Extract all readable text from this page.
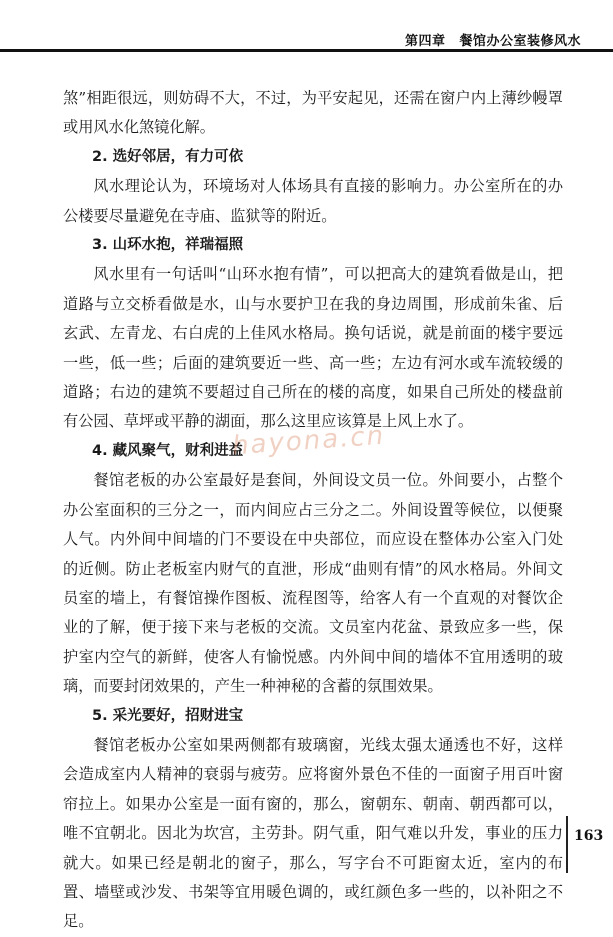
第四章 餐馆办公室装修风水

煞”相距很远，则妨碍不大，不过，为平安起见，还需在窗户内上薄纱幔罩或用风水化煞镜化解。

2. 选好邻居，有力可依

风水理论认为，环境场对人体场具有直接的影响力。办公室所在的办公楼要尽量避免在寺庙、监狱等的附近。

3. 山环水抱，祥瑞福照

风水里有一句话叫“山环水抱有情”，可以把高大的建筑看做是山，把道路与立交桥看做是水，山与水要护卫在我的身边周围，形成前朱雀、后玄武、左青龙、右白虎的上佳风水格局。换句话说，就是前面的楼宇要远一些，低一些；后面的建筑要近一些、高一些；左边有河水或车流较缓的道路；右边的建筑不要超过自己所在的楼的高度，如果自己所处的楼盘前有公园、草坪或平静的湖面，那么这里应该算是上风上水了。

4. 藏风聚气，财利进益

餐馆老板的办公室最好是套间，外间设文员一位。外间要小，占整个办公室面积的三分之一，而内间应占三分之二。外间设置等候位，以便聚人气。内外间中间墙的门不要设在中央部位，而应设在整体办公室入门处的近侧。防止老板室内财气的直泄，形成“曲则有情”的风水格局。外间文员室的墙上，有餐馆操作图板、流程图等，给客人有一个直观的对餐饮企业的了解，便于接下来与老板的交流。文员室内花盆、景致应多一些，保护室内空气的新鲜，使客人有愉悦感。内外间中间的墙体不宜用透明的玻璃，而要封闭效果的，产生一种神秘的含蓄的氛围效果。

5. 采光要好，招财进宝

餐馆老板办公室如果两侧都有玻璃窗，光线太强太通透也不好，这样会造成室内人精神的衰弱与疲劳。应将窗外景色不佳的一面窗子用百叶窗帘拉上。如果办公室是一面有窗的，那么，窗朝东、朝南、朝西都可以，唯不宜朝北。因北为坎宫，主劳卦。阴气重，阳气难以升发，事业的压力就大。如果已经是朝北的窗子，那么，写字台不可距窗太近，室内的布置、墙壁或沙发、书架等宜用暖色调的，或红颜色多一些的，以补阳之不足。

hayona.cn
163
